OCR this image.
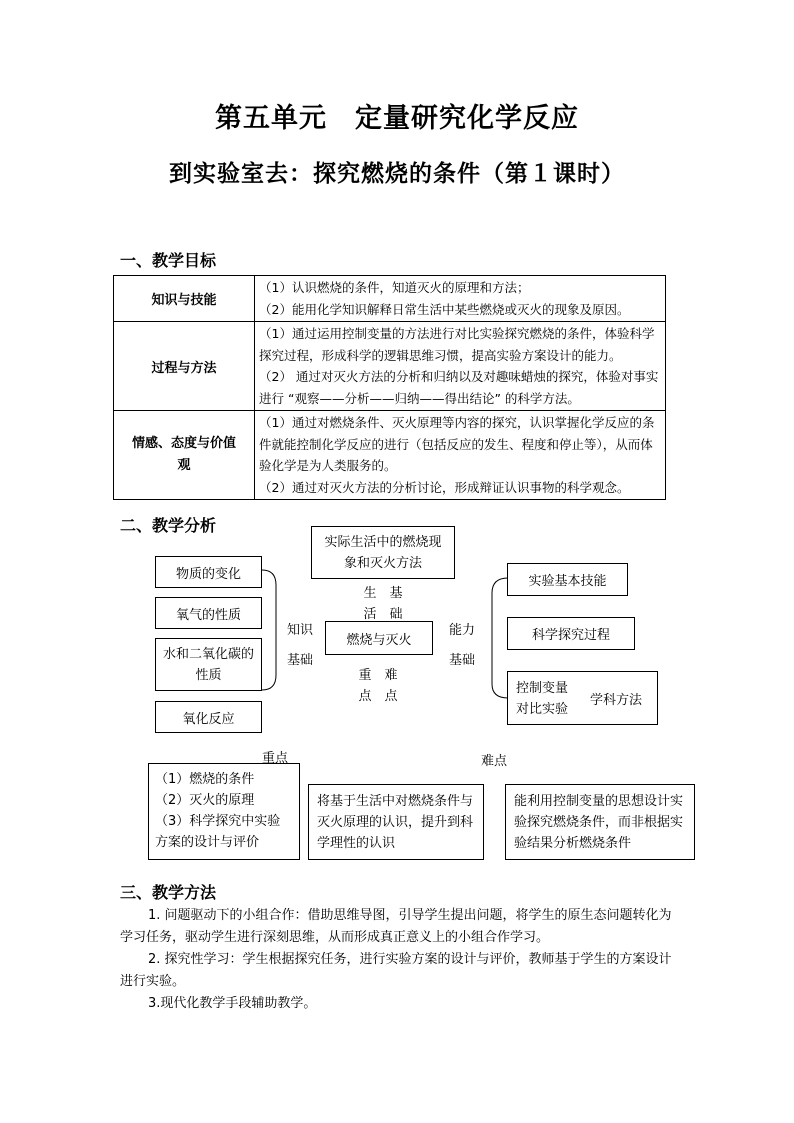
第五单元　定量研究化学反应
到实验室去：探究燃烧的条件（第１课时）
一、教学目标
知识与技能	（1）认识燃烧的条件，知道灭火的原理和方法；
（2）能用化学知识解释日常生活中某些燃烧或灭火的现象及原因。

过程与方法	（1）通过运用控制变量的方法进行对比实验探究燃烧的条件，体验科学探究过程，形成科学的逻辑思维习惯，提高实验方案设计的能力。
（2） 通过对灭火方法的分析和归纳以及对趣味蜡烛的探究，体验对事实进行 “观察——分析——归纳——得出结论” 的科学方法。

情感、态度与价值观	（1）通过对燃烧条件、灭火原理等内容的探究，认识掌握化学反应的条件就能控制化学反应的进行（包括反应的发生、程度和停止等），从而体验化学是为人类服务的。
（2）通过对灭火方法的分析讨论，形成辩证认识事物的科学观念。
二、教学分析
实际生活中的燃烧现象和灭火方法
生　基
活　础
燃烧与灭火
重　难
点　点
知识
基础
能力
基础
物质的变化
氧气的性质
水和二氧化碳的性质
氧化反应
实验基本技能
科学探究过程
控制变量
对比实验
学科方法
重点	难点
（1）燃烧的条件
（2）灭火的原理
（3）科学探究中实验方案的设计与评价
将基于生活中对燃烧条件与灭火原理的认识，提升到科学理性的认识
能利用控制变量的思想设计实验探究燃烧条件，而非根据实验结果分析燃烧条件
三、教学方法
1. 问题驱动下的小组合作：借助思维导图，引导学生提出问题，将学生的原生态问题转化为学习任务，驱动学生进行深刻思维，从而形成真正意义上的小组合作学习。
2. 探究性学习：学生根据探究任务，进行实验方案的设计与评价，教师基于学生的方案设计进行实验。
3.现代化教学手段辅助教学。
